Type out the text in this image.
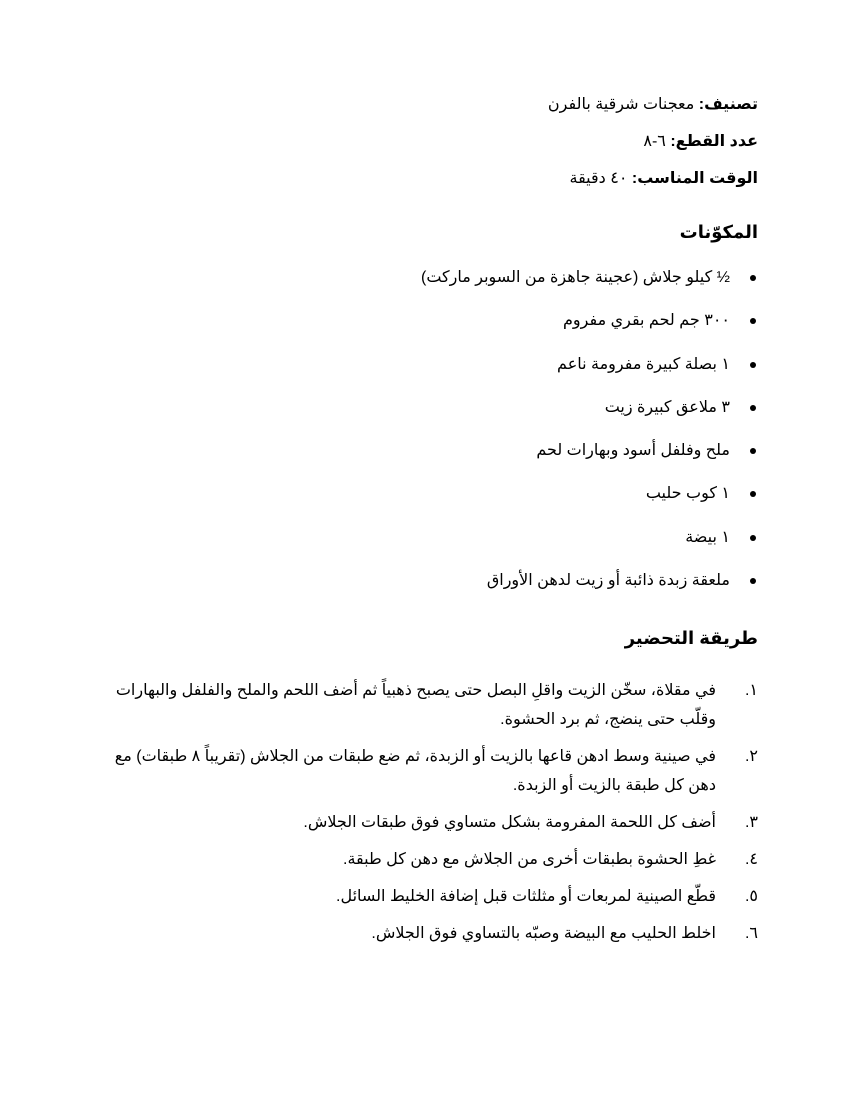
تصنيف: معجنات شرقية بالفرن
عدد القطع: ٦-٨
الوقت المناسب: ٤٠ دقيقة
المكوّنات
½ كيلو جلاش (عجينة جاهزة من السوبر ماركت)
٣٠٠ جم لحم بقري مفروم
١ بصلة كبيرة مفرومة ناعم
٣ ملاعق كبيرة زيت
ملح وفلفل أسود وبهارات لحم
١ كوب حليب
١ بيضة
ملعقة زبدة ذائبة أو زيت لدهن الأوراق
طريقة التحضير
١.
في مقلاة، سخّن الزيت واقلِ البصل حتى يصبح ذهبياً ثم أضف اللحم والملح والفلفل والبهارات وقلّب حتى ينضج، ثم برد الحشوة.
٢.
في صينية وسط ادهن قاعها بالزيت أو الزبدة، ثم ضع طبقات من الجلاش (تقريباً ٨ طبقات) مع دهن كل طبقة بالزيت أو الزبدة.
٣.
أضف كل اللحمة المفرومة بشكل متساوي فوق طبقات الجلاش.
٤.
غطِ الحشوة بطبقات أخرى من الجلاش مع دهن كل طبقة.
٥.
قطّع الصينية لمربعات أو مثلثات قبل إضافة الخليط السائل.
٦.
اخلط الحليب مع البيضة وصبّه بالتساوي فوق الجلاش.
